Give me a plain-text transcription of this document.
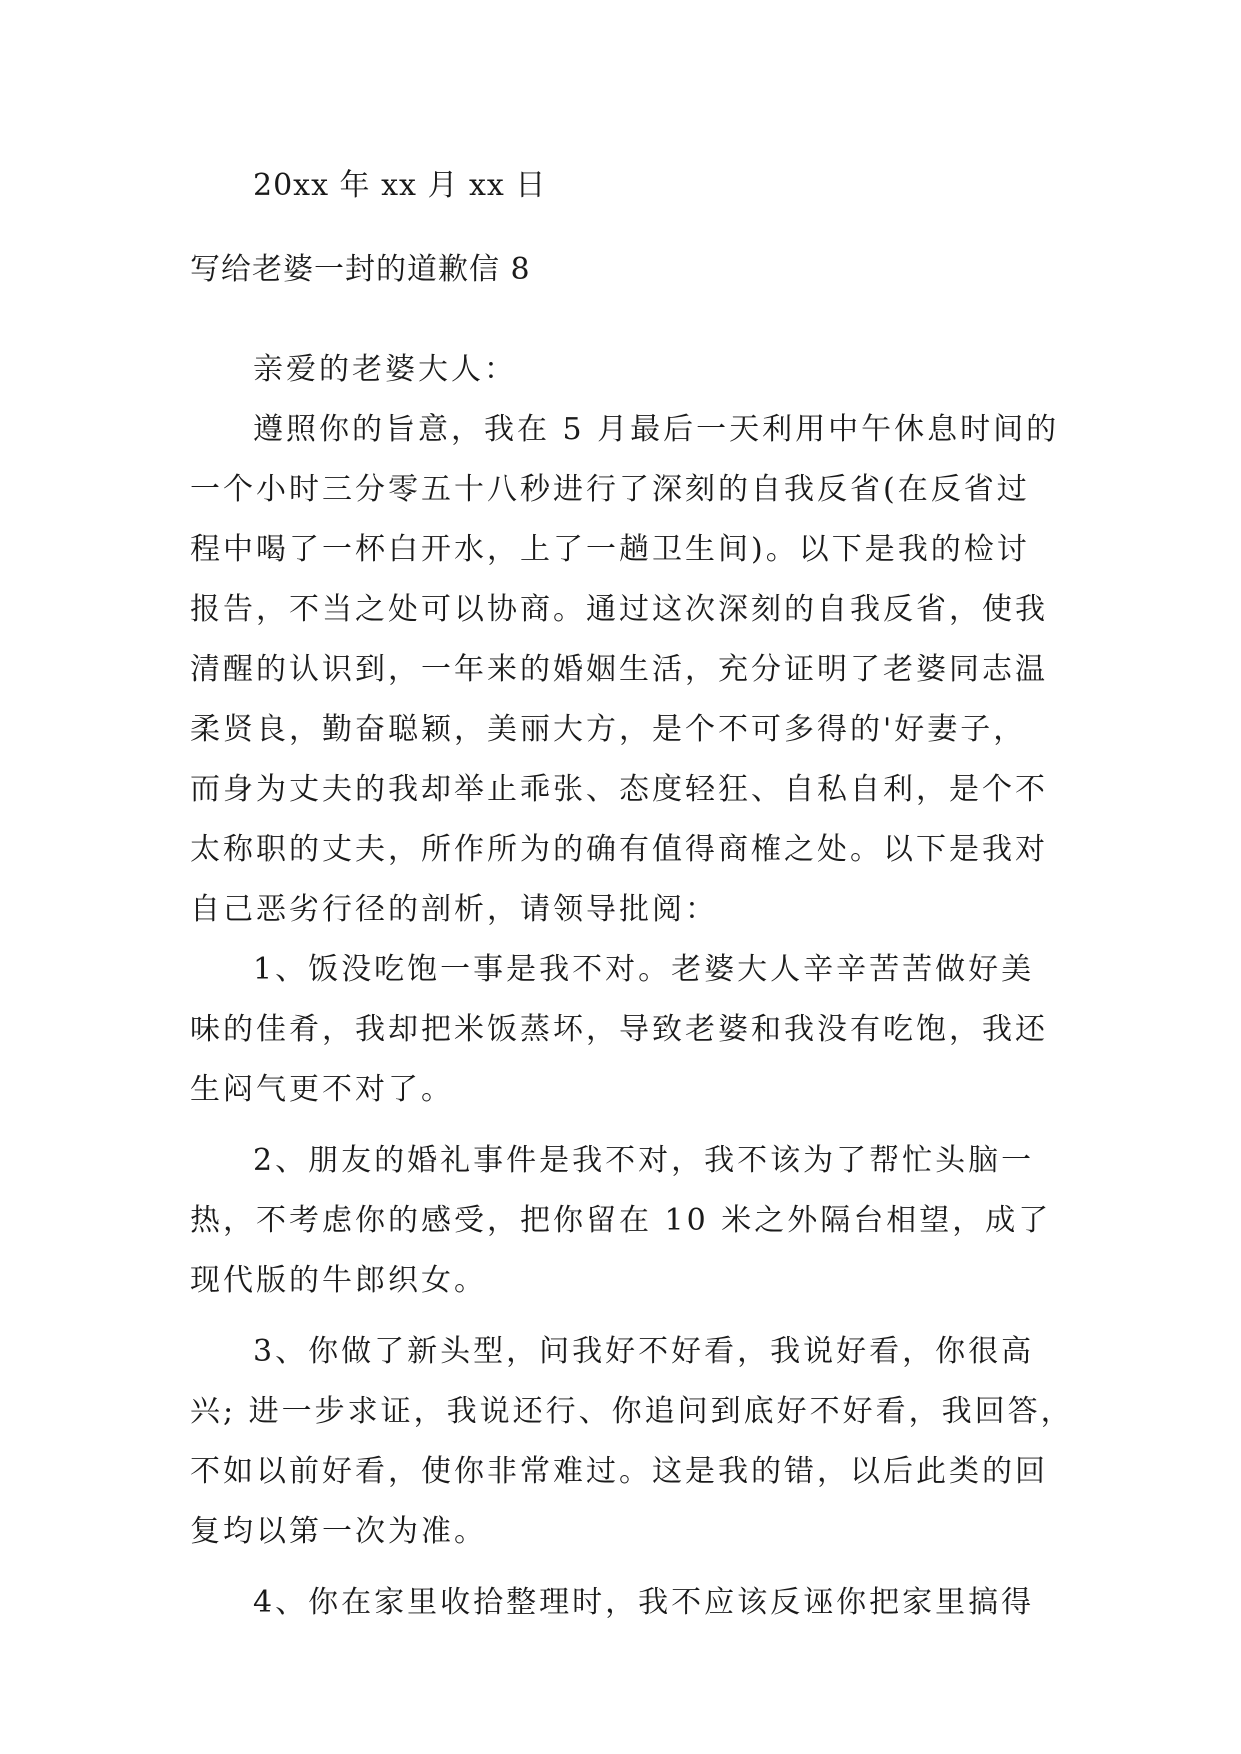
20xx 年 xx 月 xx 日
写给老婆一封的道歉信 8
亲爱的老婆大人：
遵照你的旨意，我在 5 月最后一天利用中午休息时间的
一个小时三分零五十八秒进行了深刻的自我反省(在反省过
程中喝了一杯白开水，上了一趟卫生间)。以下是我的检讨
报告，不当之处可以协商。通过这次深刻的自我反省，使我
清醒的认识到，一年来的婚姻生活，充分证明了老婆同志温
柔贤良，勤奋聪颖，美丽大方，是个不可多得的'好妻子，
而身为丈夫的我却举止乖张、态度轻狂、自私自利，是个不
太称职的丈夫，所作所为的确有值得商榷之处。以下是我对
自己恶劣行径的剖析，请领导批阅：
1、饭没吃饱一事是我不对。老婆大人辛辛苦苦做好美
味的佳肴，我却把米饭蒸坏，导致老婆和我没有吃饱，我还
生闷气更不对了。
2、朋友的婚礼事件是我不对，我不该为了帮忙头脑一
热，不考虑你的感受，把你留在 10 米之外隔台相望，成了
现代版的牛郎织女。
3、你做了新头型，问我好不好看，我说好看，你很高
兴; 进一步求证，我说还行、你追问到底好不好看，我回答，
不如以前好看，使你非常难过。这是我的错，以后此类的回
复均以第一次为准。
4、你在家里收拾整理时，我不应该反诬你把家里搞得
